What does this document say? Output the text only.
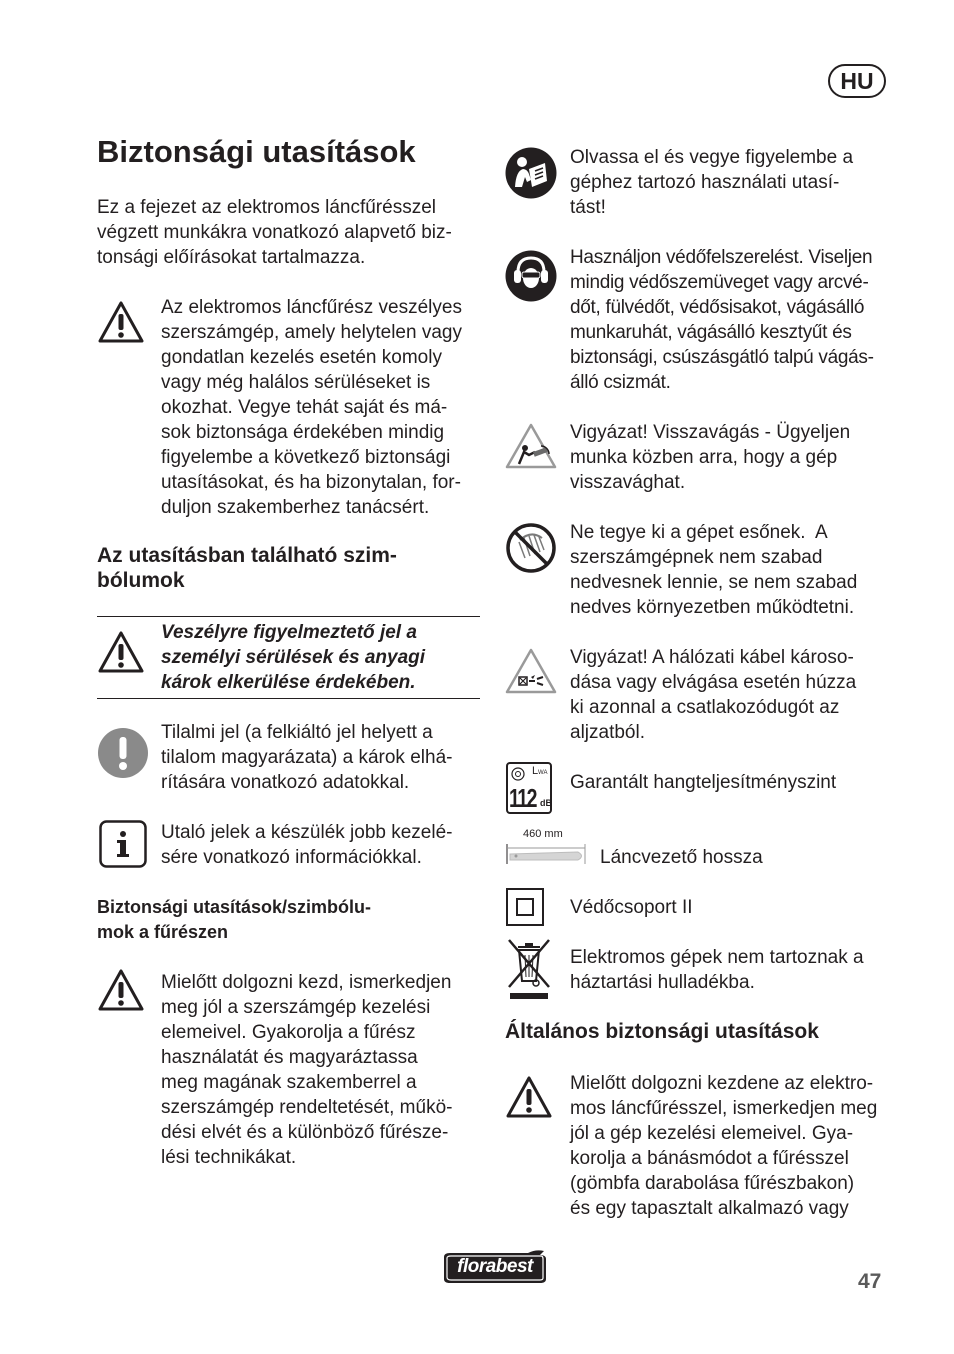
HU
Biztonsági utasítások
Ez a fejezet az elektromos láncfűrésszel
végzett munkákra vonatkozó alapvető biz-
tonsági előírásokat tartalmazza.
Az elektromos láncfűrész veszélyes
szerszámgép, amely helytelen vagy
gondatlan kezelés esetén komoly
vagy még halálos sérüléseket is
okozhat. Vegye tehát saját és má-
sok biztonsága érdekében mindig
figyelembe a következő biztonsági
utasításokat, és ha bizonytalan, for-
duljon szakemberhez tanácsért.
Az utasításban található szim-
bólumok
Veszélyre figyelmeztető jel a
személyi sérülések és anyagi
károk elkerülése érdekében.
Tilalmi jel (a felkiáltó jel helyett a
tilalom magyarázata) a károk elhá-
rítására vonatkozó adatokkal.
Utaló jelek a készülék jobb kezelé-
sére vonatkozó információkkal.
Biztonsági utasítások/szimbólu-
mok a fűrészen
Mielőtt dolgozni kezd, ismerkedjen
meg jól a szerszámgép kezelési
elemeivel. Gyakorolja a fűrész
használatát és magyaráztassa
meg magának szakemberrel a
szerszámgép rendeltetését, műkö-
dési elvét és a különböző fűrésze-
lési technikákat.
Olvassa el és vegye figyelembe a
géphez tartozó használati utasí-
tást!
Használjon védőfelszerelést. Viseljen
mindig védőszemüveget vagy arcvé-
dőt, fülvédőt, védősisakot, vágásálló
munkaruhát, vágásálló kesztyűt és
biztonsági, csúszásgátló talpú vágás-
álló csizmát.
Vigyázat! Visszavágás - Ügyeljen
munka közben arra, hogy a gép
visszavághat.
Ne tegye ki a gépet esőnek.  A
szerszámgépnek nem szabad
nedvesnek lennie, se nem szabad
nedves környezetben működtetni.
Vigyázat! A hálózati kábel károso-
dása vagy elvágása esetén húzza
ki azonnal a csatlakozódugót az
aljzatból.
L WA
112 dB
Garantált hangteljesítményszint
460 mm
Láncvezető hossza
Védőcsoport II
Elektromos gépek nem tartoznak a
háztartási hulladékba.
Általános biztonsági utasítások
Mielőtt dolgozni kezdene az elektro-
mos láncfűrésszel, ismerkedjen meg
jól a gép kezelési elemeivel. Gya-
korolja a bánásmódot a fűrésszel
(gömbfa darabolása fűrészbakon)
és egy tapasztalt alkalmazó vagy
florabest
47
